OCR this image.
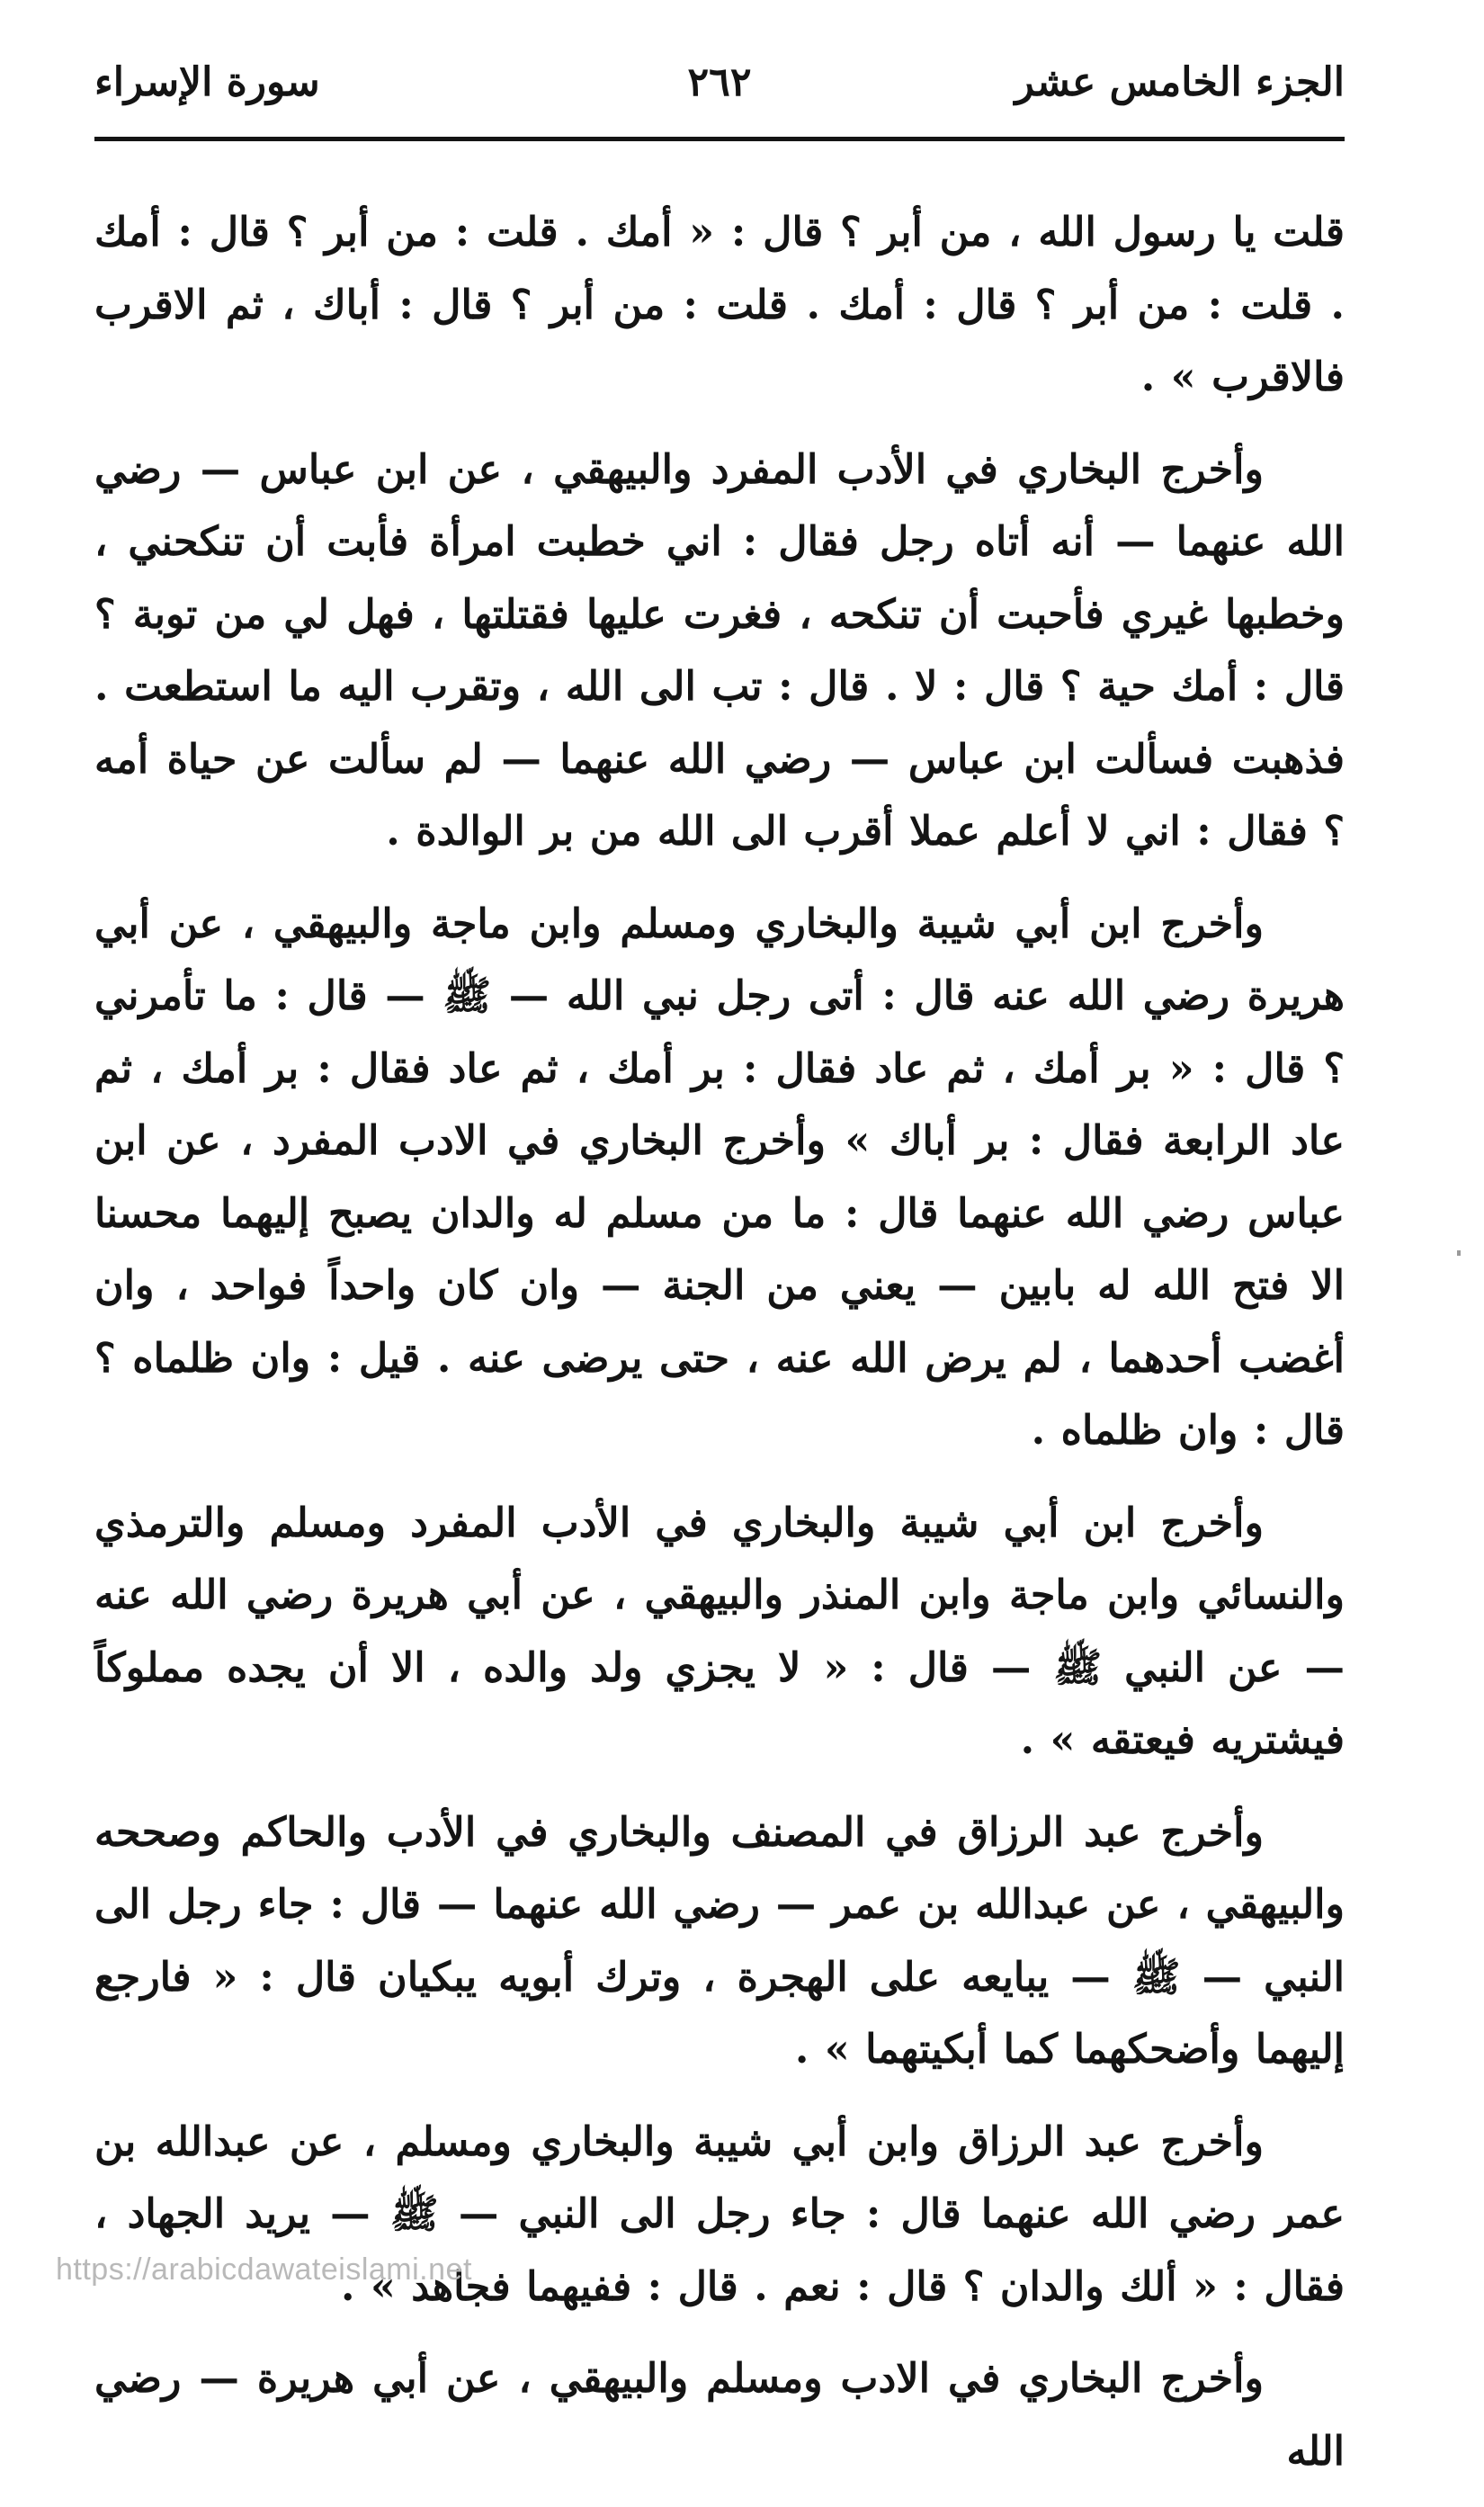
الجزء الخامس عشر
٢٦٢
سورة الإسراء

قلت يا رسول الله ، من أبر ؟ قال : « أمك . قلت : من أبر ؟ قال : أمك . قلت : من أبر ؟ قال : أمك . قلت : من أبر ؟ قال : أباك ، ثم الاقرب فالاقرب » .

وأخرج البخاري في الأدب المفرد والبيهقي ، عن ابن عباس — رضي الله عنهما — أنه أتاه رجل فقال : اني خطبت امرأة فأبت أن تنكحني ، وخطبها غيري فأحبت أن تنكحه ، فغرت عليها فقتلتها ، فهل لي من توبة ؟ قال : أمك حية ؟ قال : لا . قال : تب الى الله ، وتقرب اليه ما استطعت . فذهبت فسألت ابن عباس — رضي الله عنهما — لم سألت عن حياة أمه ؟ فقال : اني لا أعلم عملا أقرب الى الله من بر الوالدة .

وأخرج ابن أبي شيبة والبخاري ومسلم وابن ماجة والبيهقي ، عن أبي هريرة رضي الله عنه قال : أتى رجل نبي الله — ﷺ — قال : ما تأمرني ؟ قال : « بر أمك ، ثم عاد فقال : بر أمك ، ثم عاد فقال : بر أمك ، ثم عاد الرابعة فقال : بر أباك » وأخرج البخاري في الادب المفرد ، عن ابن عباس رضي الله عنهما قال : ما من مسلم له والدان يصبح إليهما محسنا الا فتح الله له بابين — يعني من الجنة — وان كان واحداً فواحد ، وان أغضب أحدهما ، لم يرض الله عنه ، حتى يرضى عنه . قيل : وان ظلماه ؟ قال : وان ظلماه .

وأخرج ابن أبي شيبة والبخاري في الأدب المفرد ومسلم والترمذي والنسائي وابن ماجة وابن المنذر والبيهقي ، عن أبي هريرة رضي الله عنه — عن النبي ﷺ — قال : « لا يجزي ولد والده ، الا أن يجده مملوكاً فيشتريه فيعتقه » .

وأخرج عبد الرزاق في المصنف والبخاري في الأدب والحاكم وصححه والبيهقي ، عن عبدالله بن عمر — رضي الله عنهما — قال : جاء رجل الى النبي — ﷺ — يبايعه على الهجرة ، وترك أبويه يبكيان قال : « فارجع إليهما وأضحكهما كما أبكيتهما » .

وأخرج عبد الرزاق وابن أبي شيبة والبخاري ومسلم ، عن عبدالله بن عمر رضي الله عنهما قال : جاء رجل الى النبي — ﷺ — يريد الجهاد ، فقال : « ألك والدان ؟ قال : نعم . قال : ففيهما فجاهد » .

وأخرج البخاري في الادب ومسلم والبيهقي ، عن أبي هريرة — رضي الله

https://arabicdawateislami.net
